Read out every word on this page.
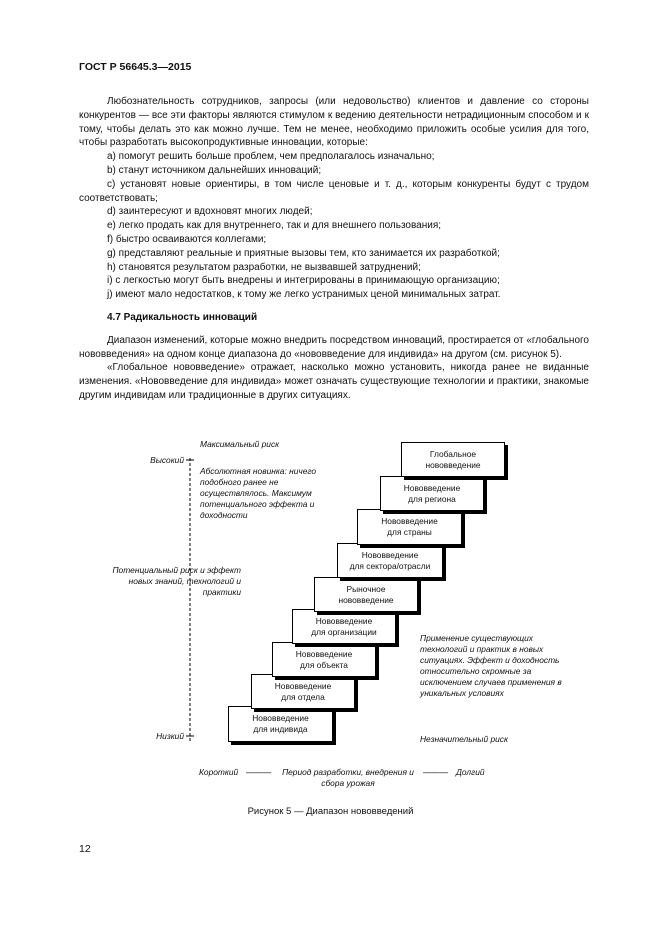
ГОСТ Р 56645.3—2015

Любознательность сотрудников, запросы (или недовольство) клиентов и давление со стороны конкурентов — все эти факторы являются стимулом к ведению деятельности нетрадиционным способом и к тому, чтобы делать это как можно лучше. Тем не менее, необходимо приложить особые усилия для того, чтобы разработать высокопродуктивные инновации, которые:

a) помогут решить больше проблем, чем предполагалось изначально;

b) станут источником дальнейших инноваций;

c) установят новые ориентиры, в том числе ценовые и т. д., которым конкуренты будут с трудом соответствовать;

d) заинтересуют и вдохновят многих людей;

e) легко продать как для внутреннего, так и для внешнего пользования;

f) быстро осваиваются коллегами;

g) представляют реальные и приятные вызовы тем, кто занимается их разработкой;

h) становятся результатом разработки, не вызвавшей затруднений;

i) с легкостью могут быть внедрены и интегрированы в принимающую организацию;

j) имеют мало недостатков, к тому же легко устранимых ценой минимальных затрат.

4.7 Радикальность инноваций

Диапазон изменений, которые можно внедрить посредством инноваций, простирается от «глобального нововведения» на одном конце диапазона до «нововведение для индивида» на другом (см. рисунок 5).

«Глобальное нововведение» отражает, насколько можно установить, никогда ранее не виданные изменения. «Нововведение для индивида» может означать существующие технологии и практики, знакомые другим индивидам или традиционные в других ситуациях.

Высокий
Потенциальный риск и эффект новых знаний, технологий и практики
Низкий
Максимальный риск
Абсолютная новинка: ничего подобного ранее не осуществлялось. Максимум потенциального эффекта и доходности
Нововведение
для индивида
Нововведение
для отдела
Нововведение
для объекта
Нововведение
для организации
Рыночное
нововведение
Нововведение
для сектора/отрасли
Нововведение
для страны
Нововведение
для региона
Глобальное
нововведение
Применение существующих технологий и практик в новых ситуациях. Эффект и доходность относительно скромные за исключением случаев применения в уникальных условиях
Незначительный риск
Короткий ———	Период разработки, внедрения и сбора урожая
——— Долгий
Рисунок 5 — Диапазон нововведений
12
